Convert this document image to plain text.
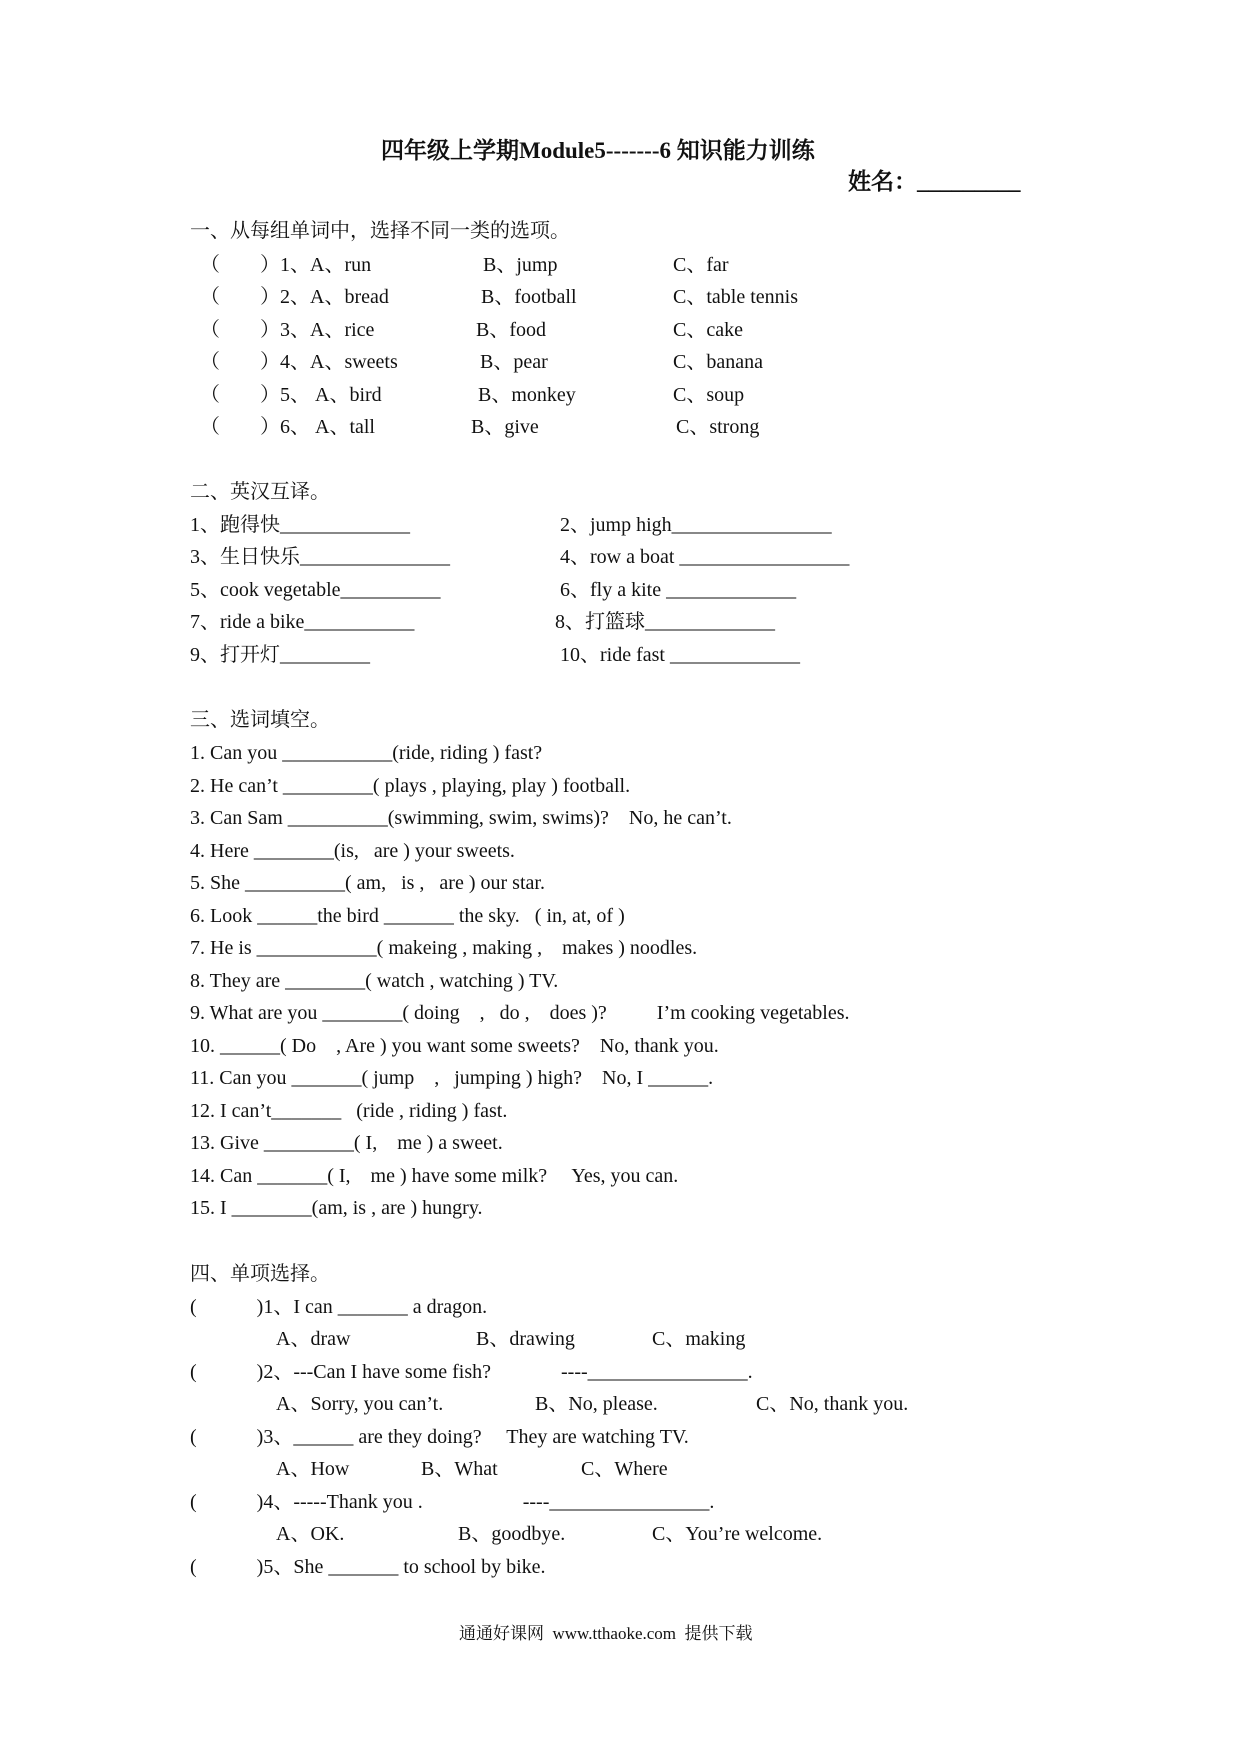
四年级上学期Module5-------6 知识能力训练
姓名：_________
一、从每组单词中，选择不同一类的选项。
（　　）1、A、run	B、jump	C、far
（　　）2、A、bread	B、football	C、table tennis
（　　）3、A、rice	B、food	C、cake
（　　）4、A、sweets	B、pear	C、banana
（　　）5、 A、bird	B、monkey	C、soup
（　　）6、 A、tall	B、give	C、strong
二、英汉互译。
1、跑得快_____________	2、jump high________________
3、生日快乐_______________	4、row a boat _________________
5、cook vegetable__________	6、fly a kite _____________
7、ride a bike___________	8、打篮球_____________
9、打开灯_________	10、ride fast _____________
三、选词填空。
1. Can you ___________(ride, riding ) fast?
2. He can’t _________( plays , playing, play ) football.
3. Can Sam __________(swimming, swim, swims)?    No, he can’t.
4. Here ________(is,   are ) your sweets.
5. She __________( am,   is ,   are ) our star.
6. Look ______the bird _______ the sky.   ( in, at, of )
7. He is ____________( makeing , making ,    makes ) noodles.
8. They are ________( watch , watching ) TV.
9. What are you ________( doing    ,   do ,    does )?          I’m cooking vegetables.
10. ______( Do    , Are ) you want some sweets?    No, thank you.
11. Can you _______( jump    ,   jumping ) high?    No, I ______.
12. I can’t_______   (ride , riding ) fast.
13. Give _________( I,    me ) a sweet.
14. Can _______( I,    me ) have some milk?     Yes, you can.
15. I ________(am, is , are ) hungry.
四、单项选择。
(            )1、I can _______ a dragon.
A、draw	B、drawing	C、making
(            )2、---Can I have some fish?              ----________________.
A、Sorry, you can’t.	B、No, please.	C、No, thank you.
(            )3、______ are they doing?     They are watching TV.
A、How	B、What	C、Where
(            )4、-----Thank you .                    ----________________.
A、OK.	B、goodbye.	C、You’re welcome.
(            )5、She _______ to school by bike.
通通好课网  www.tthaoke.com  提供下载
